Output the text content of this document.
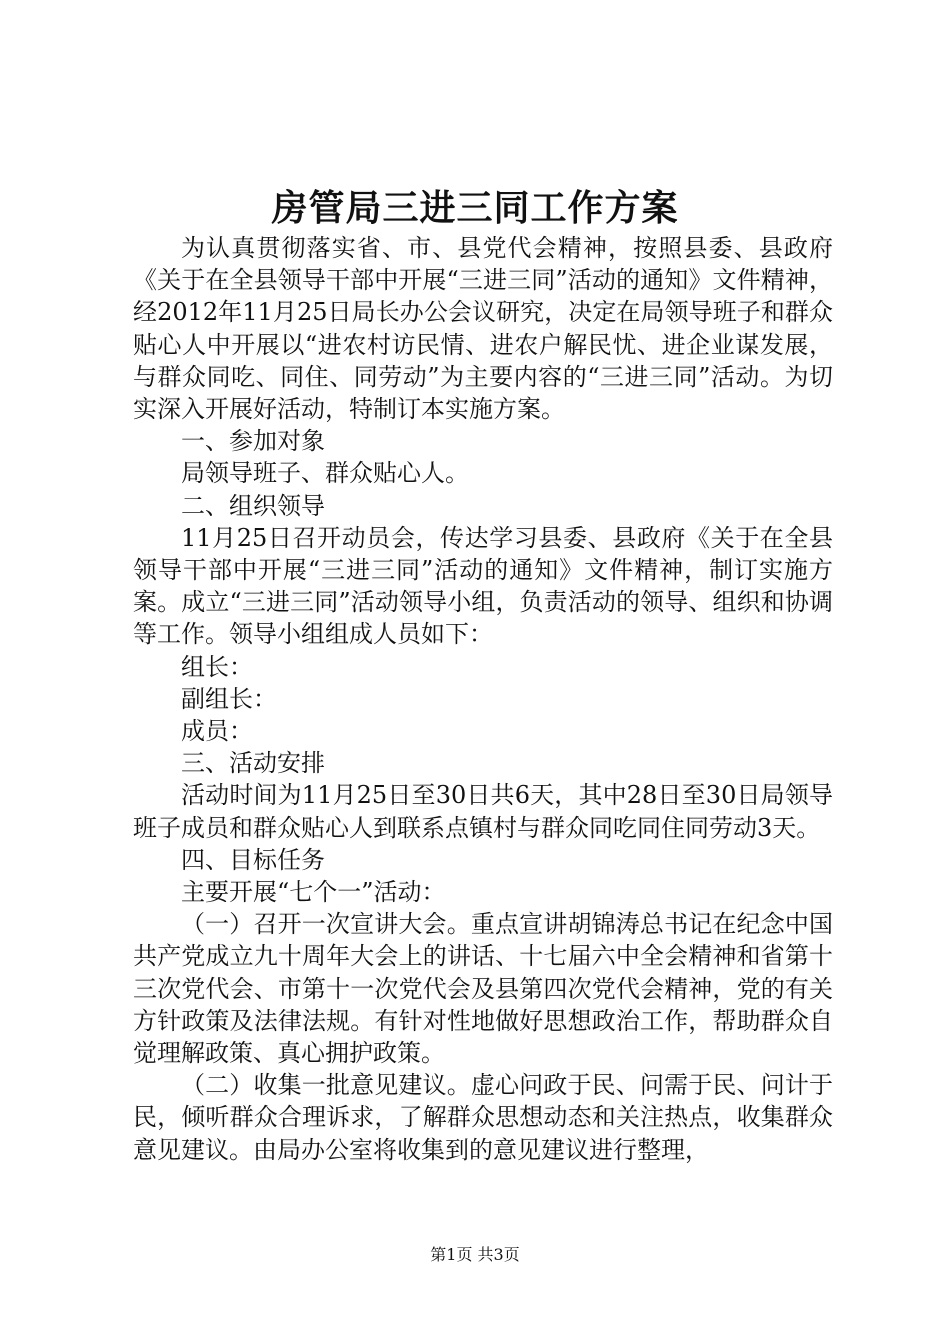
房管局三进三同工作方案

为认真贯彻落实省、市、县党代会精神，按照县委、县政府《关于在全县领导干部中开展“三进三同”活动的通知》文件精神，经2012年11月25日局长办公会议研究，决定在局领导班子和群众贴心人中开展以“进农村访民情、进农户解民忧、进企业谋发展，与群众同吃、同住、同劳动”为主要内容的“三进三同”活动。为切实深入开展好活动，特制订本实施方案。

一、参加对象

局领导班子、群众贴心人。

二、组织领导

11月25日召开动员会，传达学习县委、县政府《关于在全县领导干部中开展“三进三同”活动的通知》文件精神，制订实施方案。成立“三进三同”活动领导小组，负责活动的领导、组织和协调等工作。领导小组组成人员如下：

组长：

副组长：

成员：

三、活动安排

活动时间为11月25日至30日共6天，其中28日至30日局领导班子成员和群众贴心人到联系点镇村与群众同吃同住同劳动3天。

四、目标任务

主要开展“七个一”活动：

（一）召开一次宣讲大会。重点宣讲胡锦涛总书记在纪念中国共产党成立九十周年大会上的讲话、十七届六中全会精神和省第十三次党代会、市第十一次党代会及县第四次党代会精神，党的有关方针政策及法律法规。有针对性地做好思想政治工作，帮助群众自觉理解政策、真心拥护政策。

（二）收集一批意见建议。虚心问政于民、问需于民、问计于民，倾听群众合理诉求，了解群众思想动态和关注热点，收集群众意见建议。由局办公室将收集到的意见建议进行整理，

第1页 共3页
